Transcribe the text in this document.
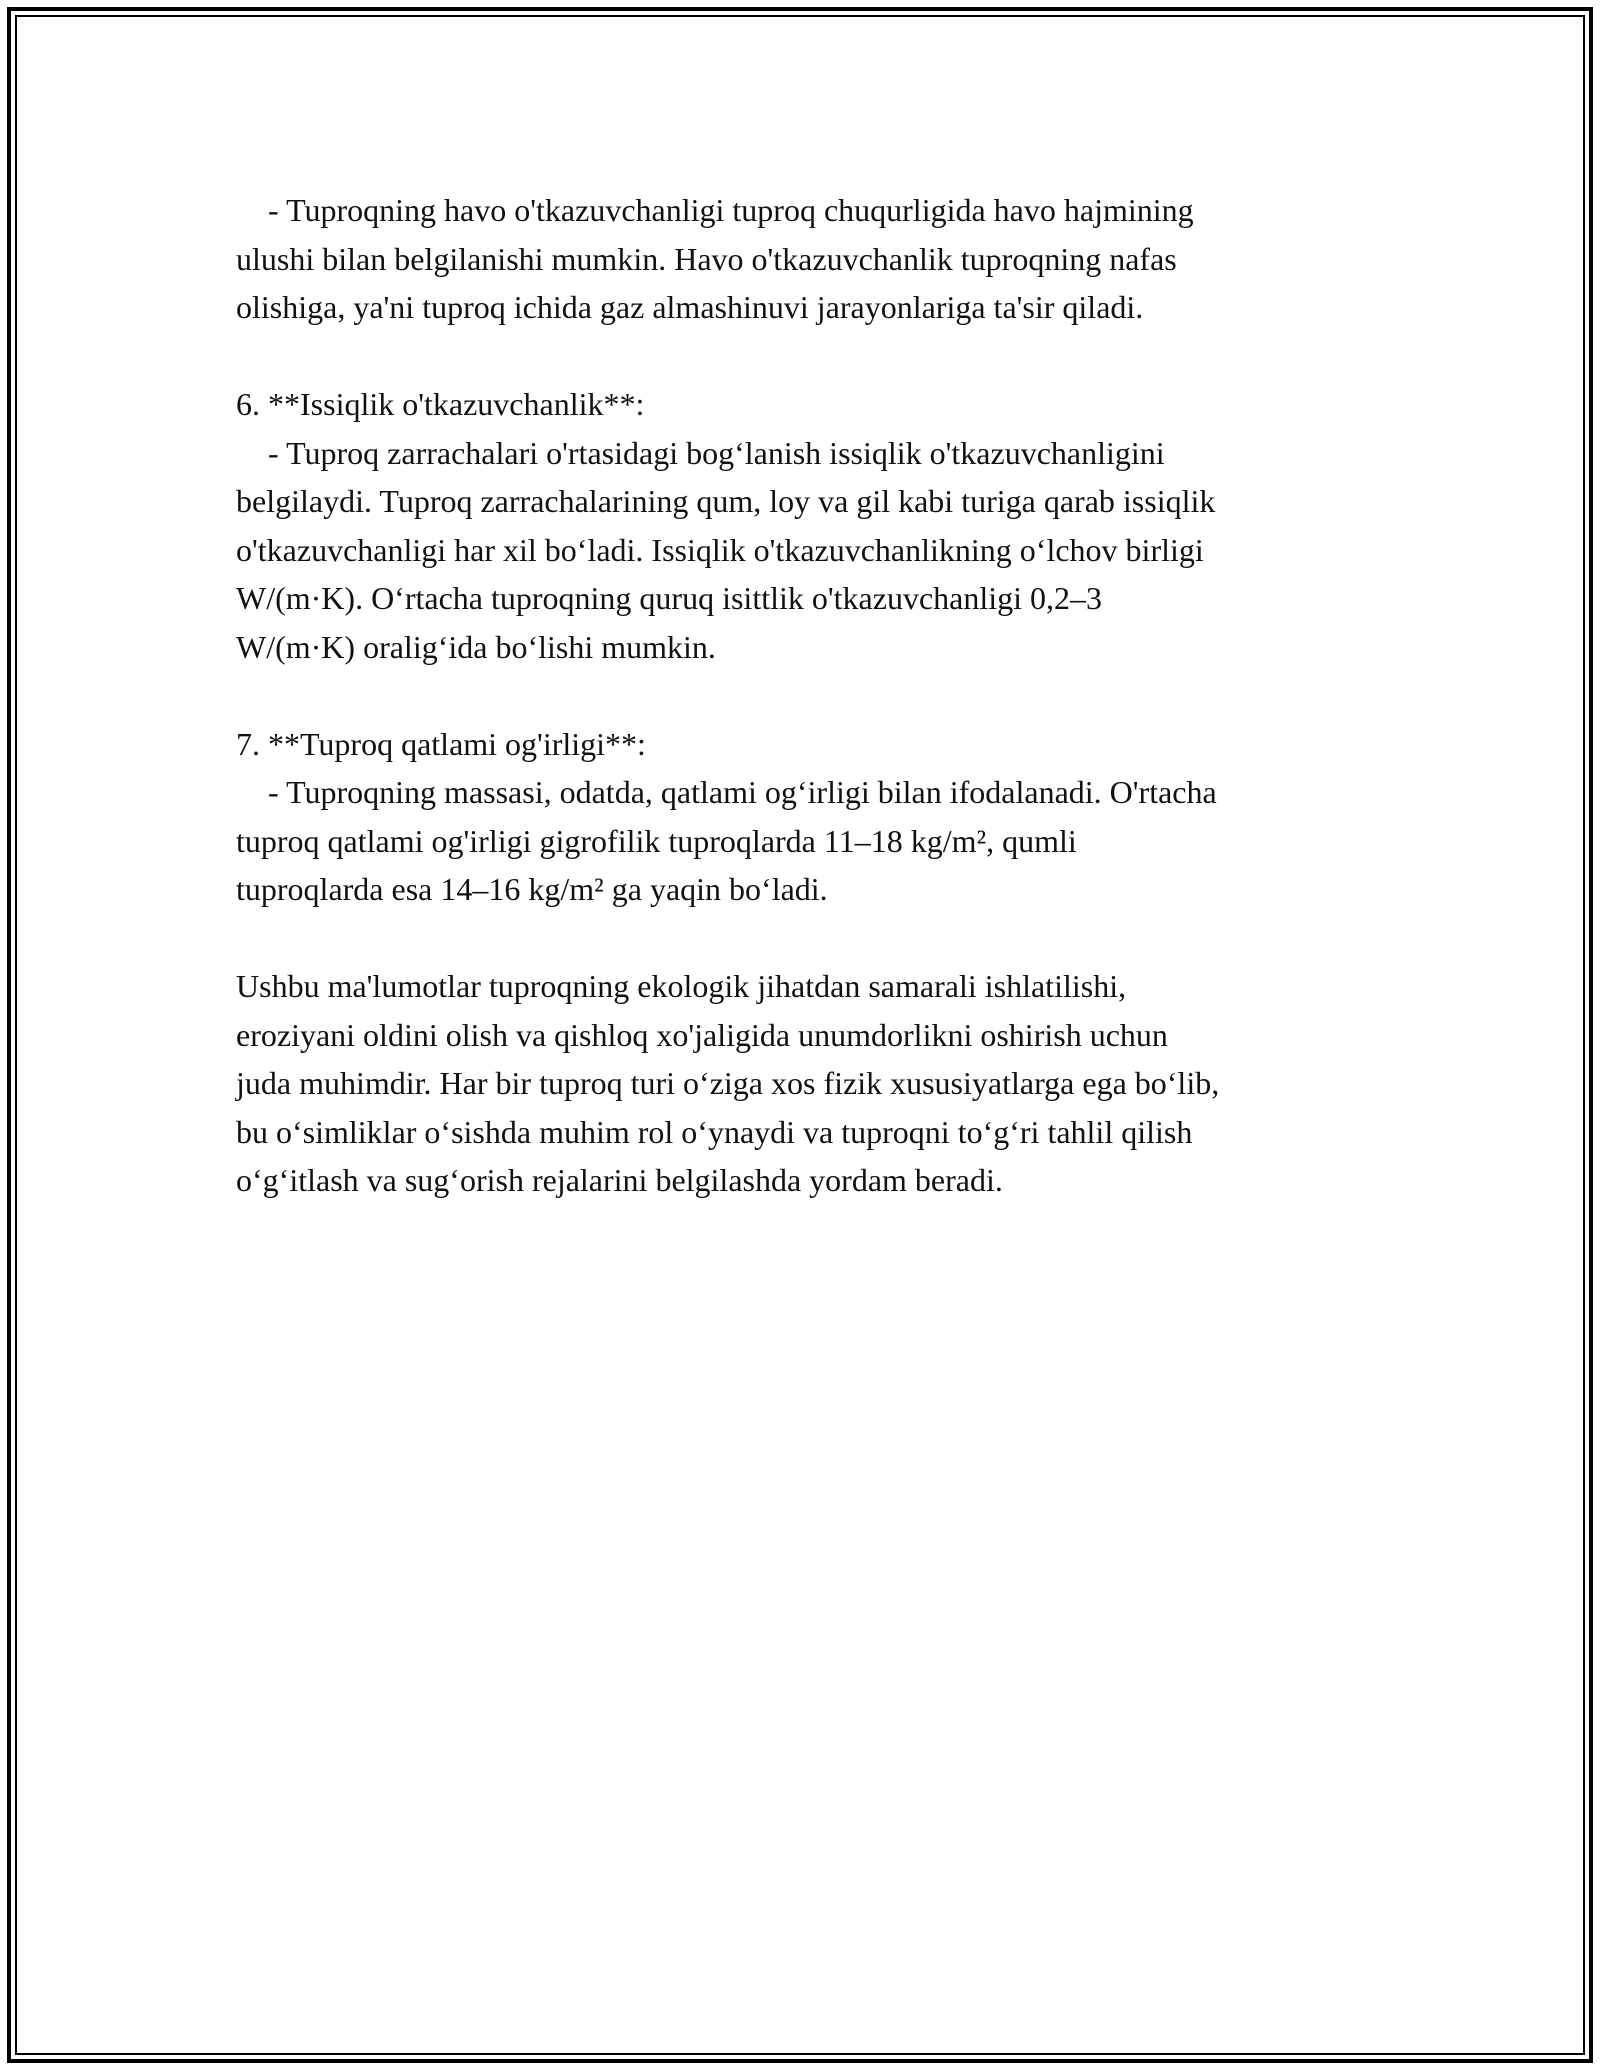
- Tuproqning havo o'tkazuvchanligi tuproq chuqurligida havo hajmining
ulushi bilan belgilanishi mumkin. Havo o'tkazuvchanlik tuproqning nafas
olishiga, ya'ni tuproq ichida gaz almashinuvi jarayonlariga ta'sir qiladi.
6. **Issiqlik o'tkazuvchanlik**:
- Tuproq zarrachalari o'rtasidagi bogʻlanish issiqlik o'tkazuvchanligini
belgilaydi. Tuproq zarrachalarining qum, loy va gil kabi turiga qarab issiqlik
o'tkazuvchanligi har xil boʻladi. Issiqlik o'tkazuvchanlikning oʻlchov birligi
W/(m·K). Oʻrtacha tuproqning quruq isittlik o'tkazuvchanligi 0,2–3
W/(m·K) oraligʻida boʻlishi mumkin.
7. **Tuproq qatlami og'irligi**:
- Tuproqning massasi, odatda, qatlami ogʻirligi bilan ifodalanadi. O'rtacha
tuproq qatlami og'irligi gigrofilik tuproqlarda 11–18 kg/m², qumli
tuproqlarda esa 14–16 kg/m² ga yaqin boʻladi.
Ushbu ma'lumotlar tuproqning ekologik jihatdan samarali ishlatilishi,
eroziyani oldini olish va qishloq xo'jaligida unumdorlikni oshirish uchun
juda muhimdir. Har bir tuproq turi oʻziga xos fizik xususiyatlarga ega boʻlib,
bu oʻsimliklar oʻsishda muhim rol oʻynaydi va tuproqni toʻgʻri tahlil qilish
oʻgʻitlash va sugʻorish rejalarini belgilashda yordam beradi.
